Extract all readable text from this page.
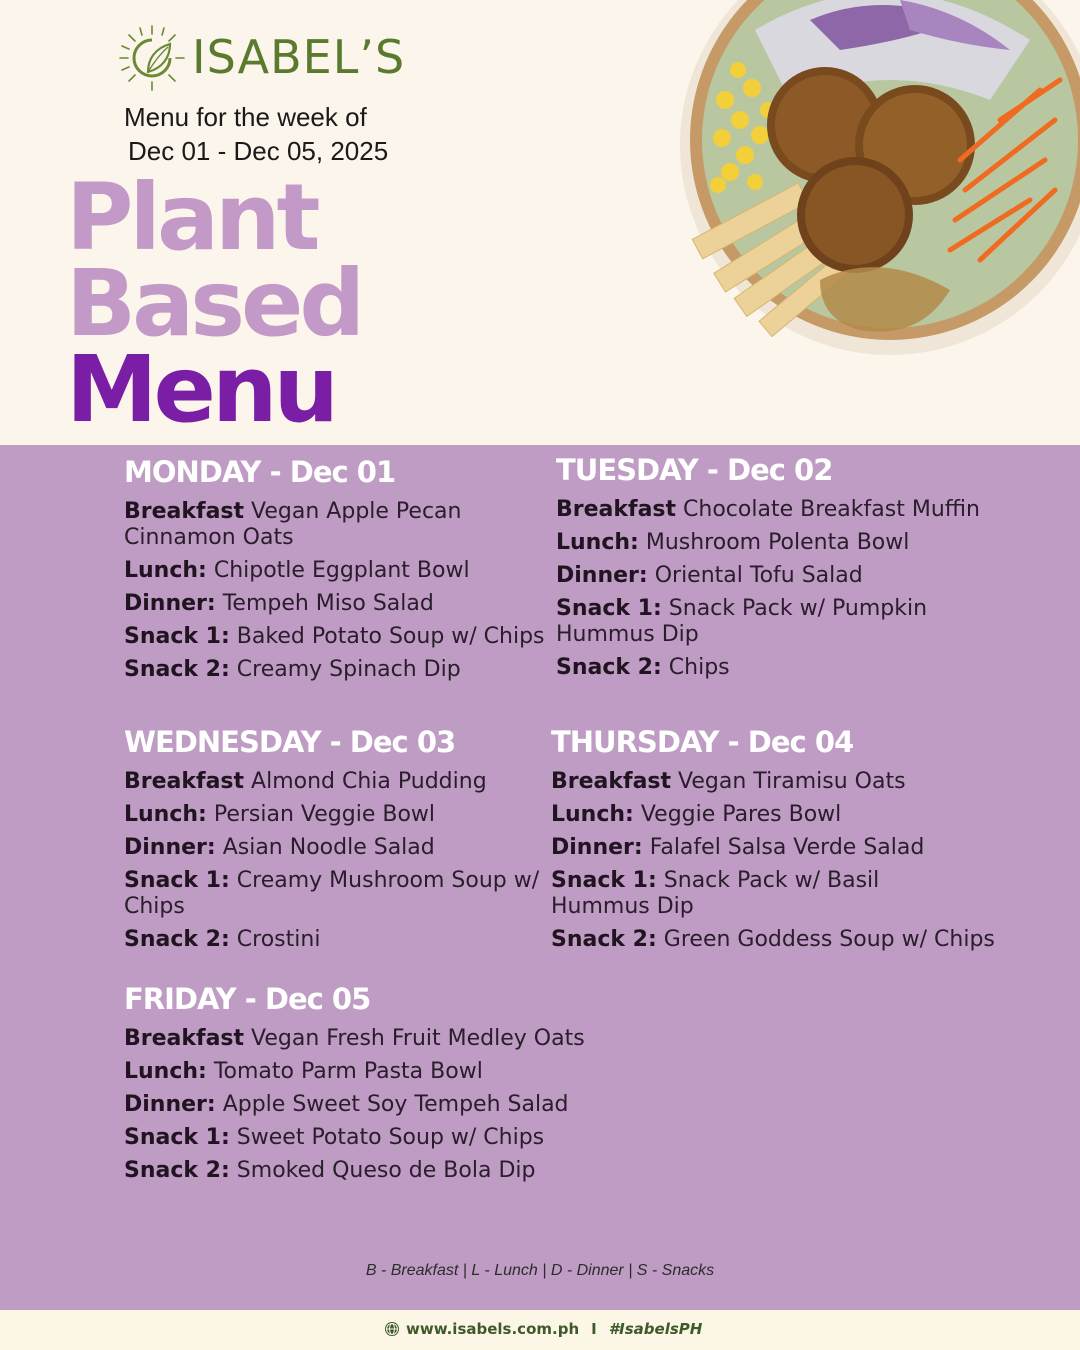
ISABEL’S
Menu for the week of
Dec 01 - Dec 05, 2025
Plant
Based
Menu
MONDAY - Dec 01
Breakfast Vegan Apple Pecan Cinnamon Oats
Lunch: Chipotle Eggplant Bowl
Dinner: Tempeh Miso Salad
Snack 1: Baked Potato Soup w/ Chips
Snack 2: Creamy Spinach Dip
TUESDAY - Dec 02
Breakfast Chocolate Breakfast Muffin
Lunch: Mushroom Polenta Bowl
Dinner: Oriental Tofu Salad
Snack 1: Snack Pack w/ Pumpkin Hummus Dip
Snack 2: Chips
WEDNESDAY - Dec 03
Breakfast Almond Chia Pudding
Lunch: Persian Veggie Bowl
Dinner: Asian Noodle Salad
Snack 1: Creamy Mushroom Soup w/ Chips
Snack 2: Crostini
THURSDAY - Dec 04
Breakfast Vegan Tiramisu Oats
Lunch: Veggie Pares Bowl
Dinner: Falafel Salsa Verde Salad
Snack 1: Snack Pack w/ Basil Hummus Dip
Snack 2: Green Goddess Soup w/ Chips
FRIDAY - Dec 05
Breakfast Vegan Fresh Fruit Medley Oats
Lunch: Tomato Parm Pasta Bowl
Dinner: Apple Sweet Soy Tempeh Salad
Snack 1: Sweet Potato Soup w/ Chips
Snack 2: Smoked Queso de Bola Dip
B - Breakfast | L - Lunch | D - Dinner | S - Snacks
www.isabels.com.ph I #IsabelsPH
